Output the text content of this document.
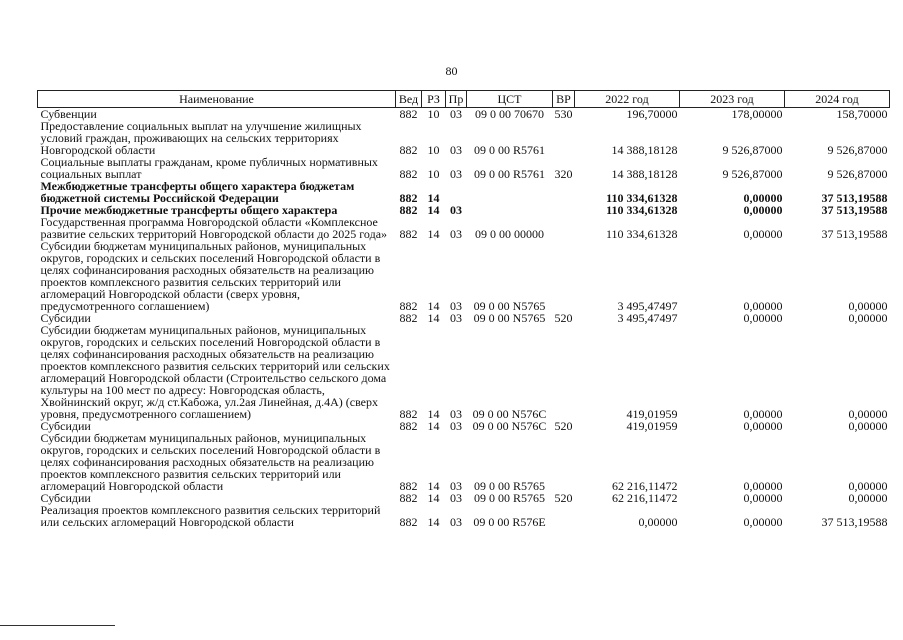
80
Наименование	Вед	РЗ	Пр	ЦСТ	ВР	2022 год	2023 год	2024 год
Субвенции	882	10	03	09 0 00 70670	530	196,70000	178,00000	158,70000
Предоставление социальных выплат на улучшение жилищных условий граждан, проживающих на сельских территориях Новгородской области	882	10	03	09 0 00 R5761		14 388,18128	9 526,87000	9 526,87000
Социальные выплаты гражданам, кроме публичных нормативных социальных выплат	882	10	03	09 0 00 R5761	320	14 388,18128	9 526,87000	9 526,87000
Межбюджетные трансферты общего характера бюджетам бюджетной системы Российской Федерации	882	14				110 334,61328	0,00000	37 513,19588
Прочие межбюджетные трансферты общего характера	882	14	03			110 334,61328	0,00000	37 513,19588
Государственная программа Новгородской области «Комплексное развитие сельских территорий Новгородской области до 2025 года»	882	14	03	09 0 00 00000		110 334,61328	0,00000	37 513,19588
Субсидии бюджетам муниципальных районов, муниципальных округов, городских и сельских поселений Новгородской области в целях софинансирования расходных обязательств на реализацию проектов комплексного развития сельских территорий или агломераций Новгородской области (сверх уровня, предусмотренного соглашением)	882	14	03	09 0 00 N5765		3 495,47497	0,00000	0,00000
Субсидии	882	14	03	09 0 00 N5765	520	3 495,47497	0,00000	0,00000
Субсидии бюджетам муниципальных районов, муниципальных округов, городских и сельских поселений Новгородской области в целях софинансирования расходных обязательств на реализацию проектов комплексного развития сельских территорий или сельских агломераций Новгородской области (Строительство сельского дома культуры на 100 мест по адресу: Новгородская область, Хвойнинский округ, ж/д ст.Кабожа, ул.2ая Линейная, д.4А) (сверх уровня, предусмотренного соглашением)	882	14	03	09 0 00 N576C		419,01959	0,00000	0,00000
Субсидии	882	14	03	09 0 00 N576C	520	419,01959	0,00000	0,00000
Субсидии бюджетам муниципальных районов, муниципальных округов, городских и сельских поселений Новгородской области в целях софинансирования расходных обязательств на реализацию проектов комплексного развития сельских территорий или агломераций Новгородской области	882	14	03	09 0 00 R5765		62 216,11472	0,00000	0,00000
Субсидии	882	14	03	09 0 00 R5765	520	62 216,11472	0,00000	0,00000
Реализация проектов комплексного развития сельских территорий или сельских агломераций Новгородской области	882	14	03	09 0 00 R576E		0,00000	0,00000	37 513,19588
